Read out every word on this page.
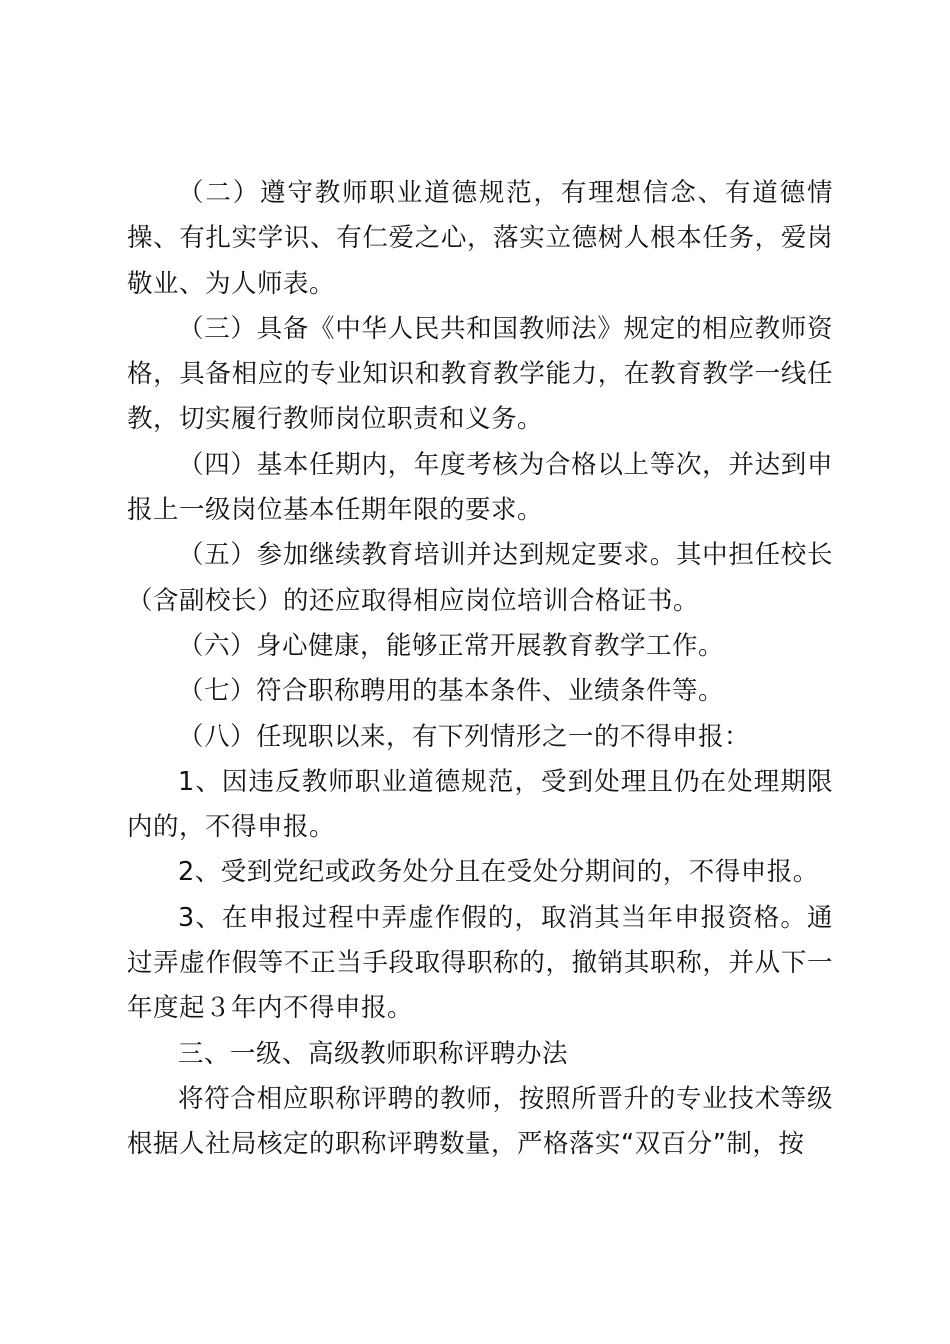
（二）遵守教师职业道德规范，有理想信念、有道德情操、有扎实学识、有仁爱之心，落实立德树人根本任务，爱岗敬业、为人师表。

（三）具备《中华人民共和国教师法》规定的相应教师资格，具备相应的专业知识和教育教学能力，在教育教学一线任教，切实履行教师岗位职责和义务。

（四）基本任期内，年度考核为合格以上等次，并达到申报上一级岗位基本任期年限的要求。

（五）参加继续教育培训并达到规定要求。其中担任校长（含副校长）的还应取得相应岗位培训合格证书。

（六）身心健康，能够正常开展教育教学工作。

（七）符合职称聘用的基本条件、业绩条件等。

（八）任现职以来，有下列情形之一的不得申报：

1、因违反教师职业道德规范，受到处理且仍在处理期限内的，不得申报。

2、受到党纪或政务处分且在受处分期间的，不得申报。

3、在申报过程中弄虚作假的，取消其当年申报资格。通过弄虚作假等不正当手段取得职称的，撤销其职称，并从下一年度起３年内不得申报。

三、一级、高级教师职称评聘办法

将符合相应职称评聘的教师，按照所晋升的专业技术等级根据人社局核定的职称评聘数量，严格落实“双百分”制，按
